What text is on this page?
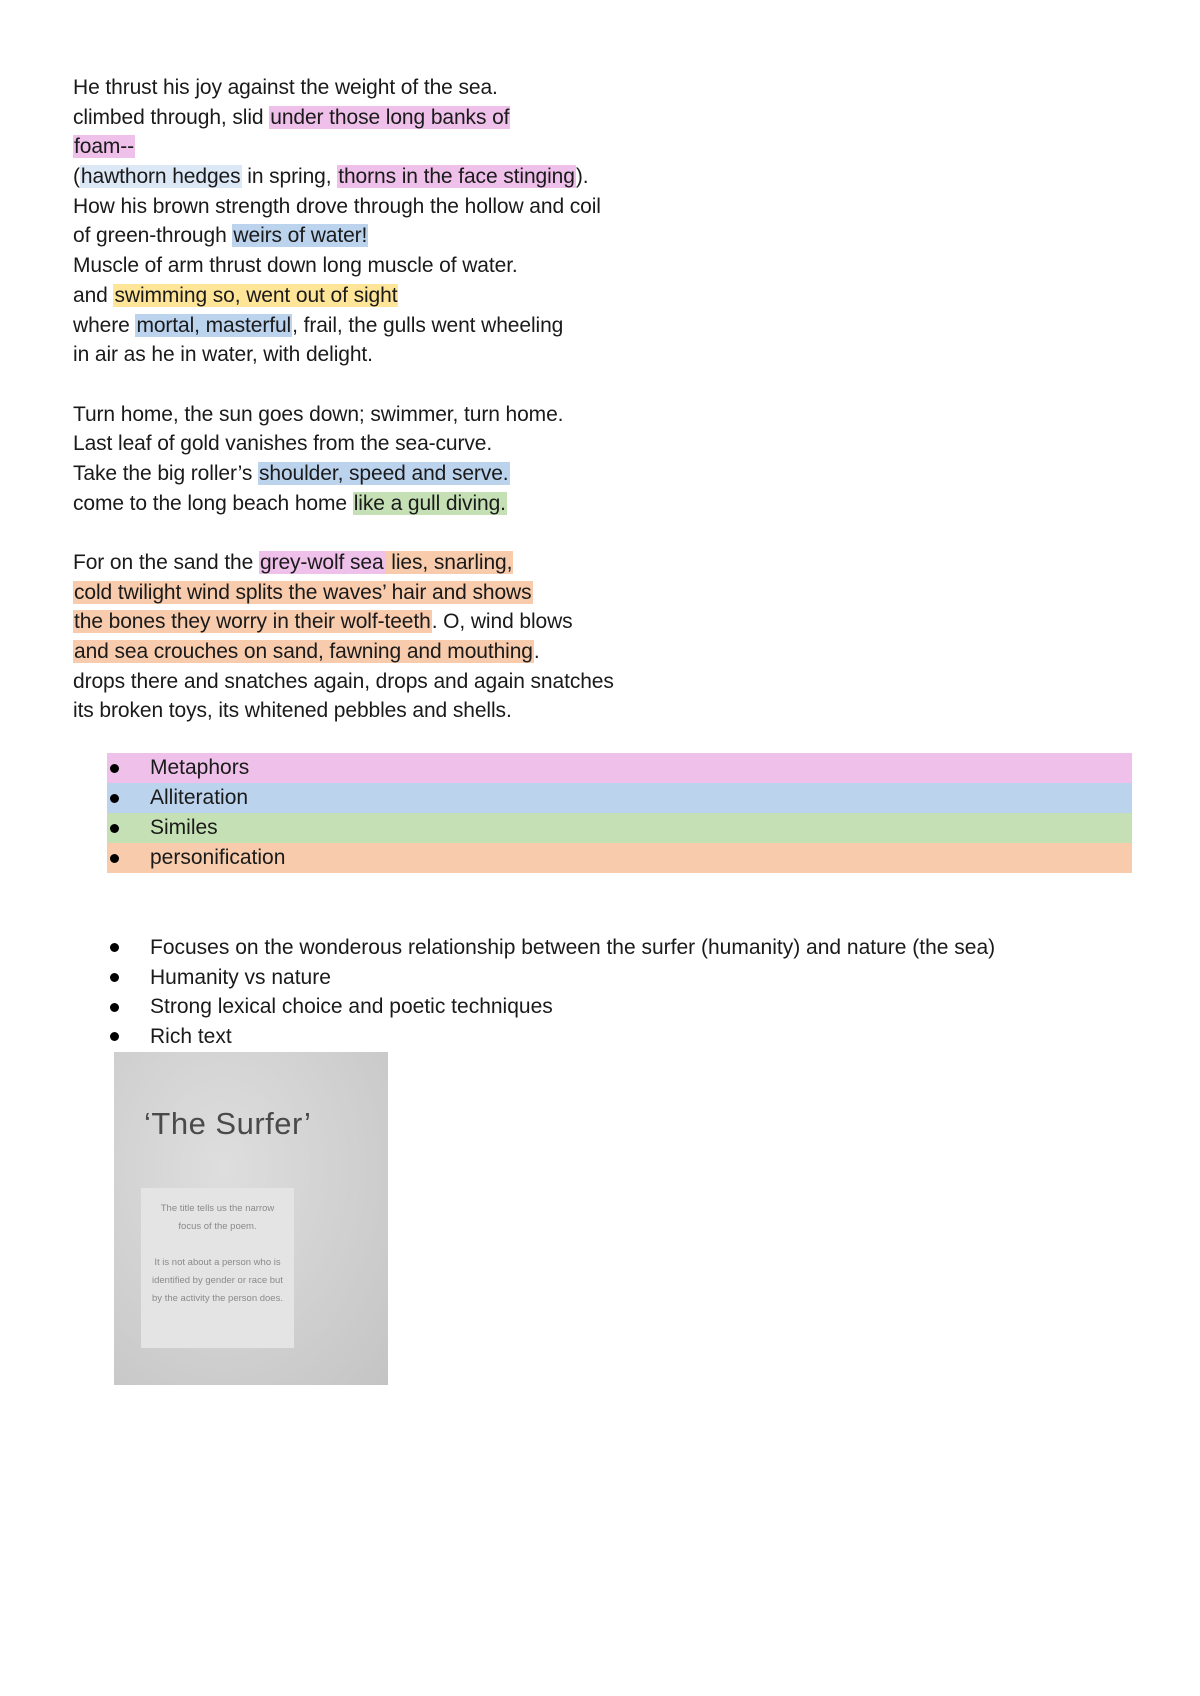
He thrust his joy against the weight of the sea.
climbed through, slid under those long banks of
foam--
(hawthorn hedges in spring, thorns in the face stinging).
How his brown strength drove through the hollow and coil
of green-through weirs of water!
Muscle of arm thrust down long muscle of water.
and swimming so, went out of sight
where mortal, masterful, frail, the gulls went wheeling
in air as he in water, with delight.
Turn home, the sun goes down; swimmer, turn home.
Last leaf of gold vanishes from the sea-curve.
Take the big roller’s shoulder, speed and serve.
come to the long beach home like a gull diving.
For on the sand the grey-wolf sea lies, snarling,
cold twilight wind splits the waves’ hair and shows
the bones they worry in their wolf-teeth. O, wind blows
and sea crouches on sand, fawning and mouthing.
drops there and snatches again, drops and again snatches
its broken toys, its whitened pebbles and shells.
Metaphors
Alliteration
Similes
personification
Focuses on the wonderous relationship between the surfer (humanity) and nature (the sea)
Humanity vs nature
Strong lexical choice and poetic techniques
Rich text
‘The Surfer’
The title tells us the narrow focus of the poem.
It is not about a person who is identified by gender or race but by the activity the person does.
